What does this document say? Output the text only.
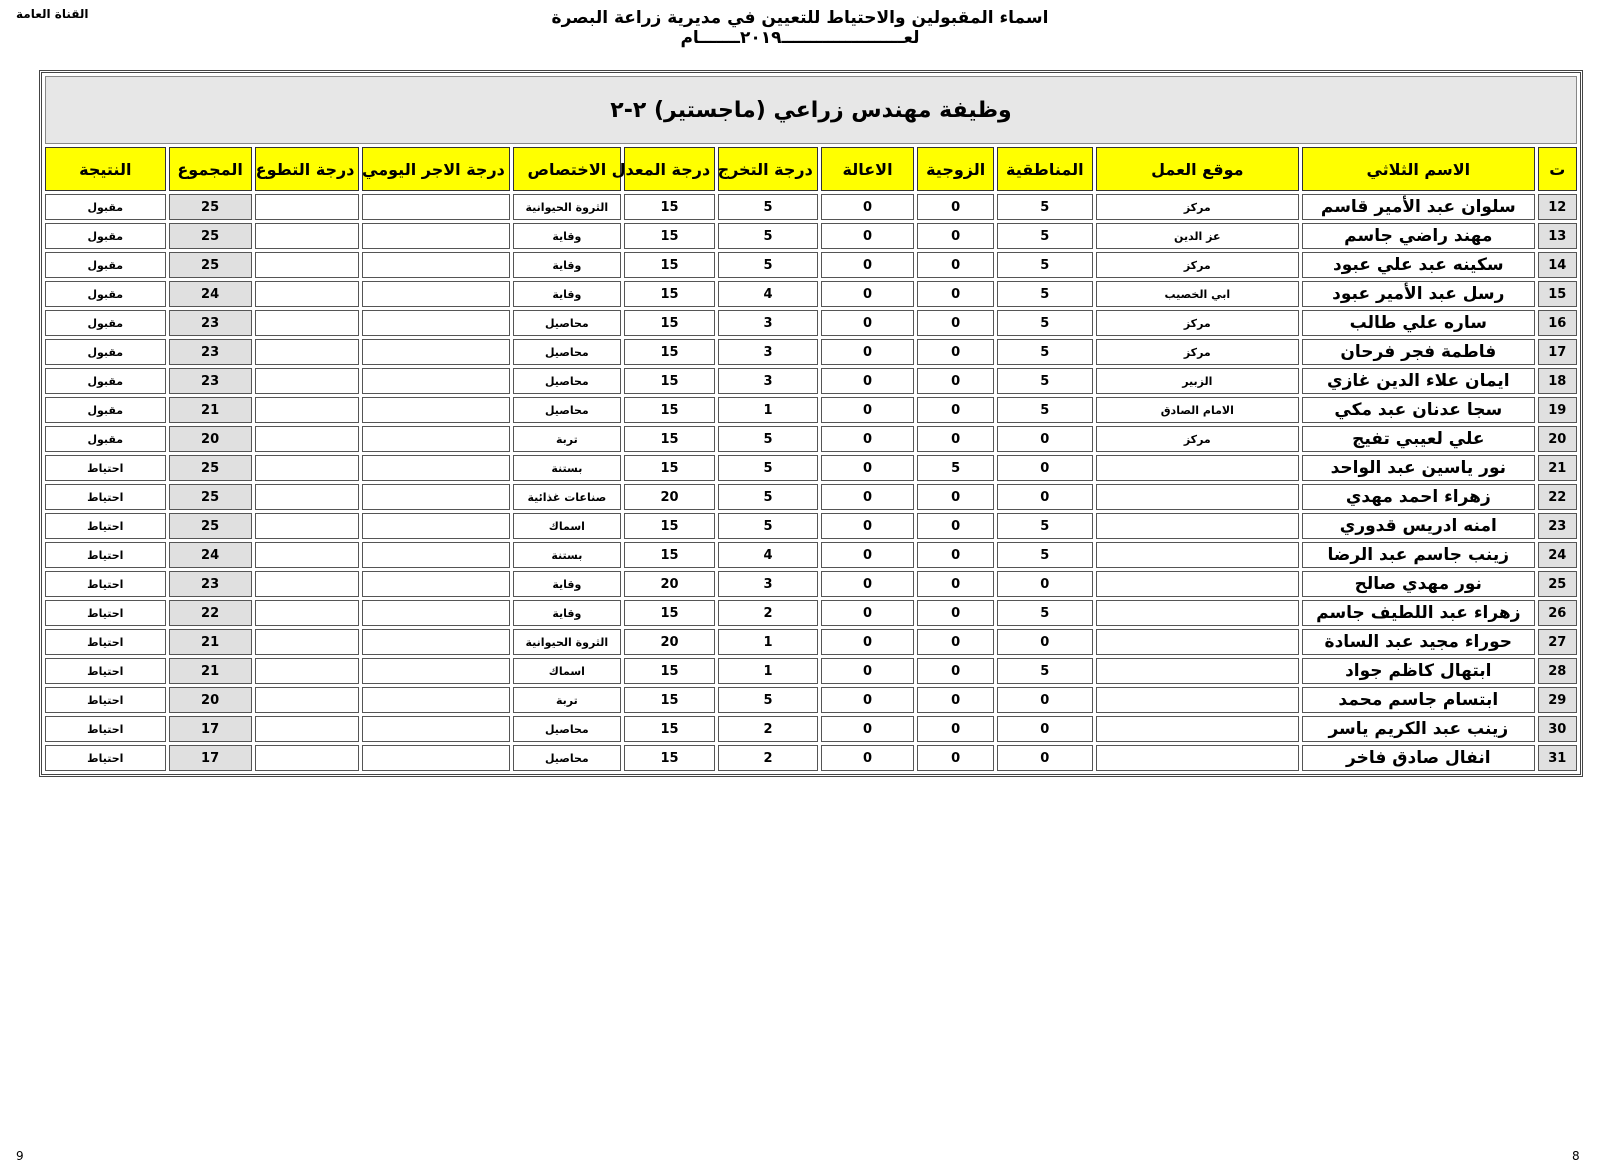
اسماء المقبولين والاحتياط للتعيين في مديرية زراعة البصرة لعـــــــــــــــــــــ٢٠١٩ـــــــام
القناة العامة
وظيفة مهندس زراعي (ماجستير) ٢-٢												
ت	الاسم الثلاثي	موقع العمل	المناطقية	الزوجية	الاعالة	درجة التخرج	درجة المعدل	الاختصاص	درجة الاجر اليومي	درجة التطوع	المجموع	النتيجة
12	سلوان عبد الأمير قاسم	مركز	5	0	0	5	15	الثروة الحيوانية			25	مقبول
13	مهند راضي جاسم	عز الدين	5	0	0	5	15	وقاية			25	مقبول
14	سكينه عبد علي عبود	مركز	5	0	0	5	15	وقاية			25	مقبول
15	رسل عبد الأمير عبود	ابي الخصيب	5	0	0	4	15	وقاية			24	مقبول
16	ساره علي طالب	مركز	5	0	0	3	15	محاصيل			23	مقبول
17	فاطمة فجر فرحان	مركز	5	0	0	3	15	محاصيل			23	مقبول
18	ايمان علاء الدين غازي	الزبير	5	0	0	3	15	محاصيل			23	مقبول
19	سجا عدنان عبد مكي	الامام الصادق	5	0	0	1	15	محاصيل			21	مقبول
20	علي لعيبي تفيج	مركز	0	0	0	5	15	تربة			20	مقبول
21	نور ياسين عبد الواحد		0	5	0	5	15	بستنة			25	احتياط
22	زهراء احمد مهدي		0	0	0	5	20	صناعات غذائية			25	احتياط
23	امنه ادريس قدوري		5	0	0	5	15	اسماك			25	احتياط
24	زينب جاسم عبد الرضا		5	0	0	4	15	بستنة			24	احتياط
25	نور مهدي صالح		0	0	0	3	20	وقاية			23	احتياط
26	زهراء عبد اللطيف جاسم		5	0	0	2	15	وقاية			22	احتياط
27	حوراء مجيد عبد السادة		0	0	0	1	20	الثروة الحيوانية			21	احتياط
28	ابتهال كاظم جواد		5	0	0	1	15	اسماك			21	احتياط
29	ابتسام جاسم محمد		0	0	0	5	15	تربة			20	احتياط
30	زينب عبد الكريم ياسر		0	0	0	2	15	محاصيل			17	احتياط
31	انفال صادق فاخر		0	0	0	2	15	محاصيل			17	احتياط
9	8
